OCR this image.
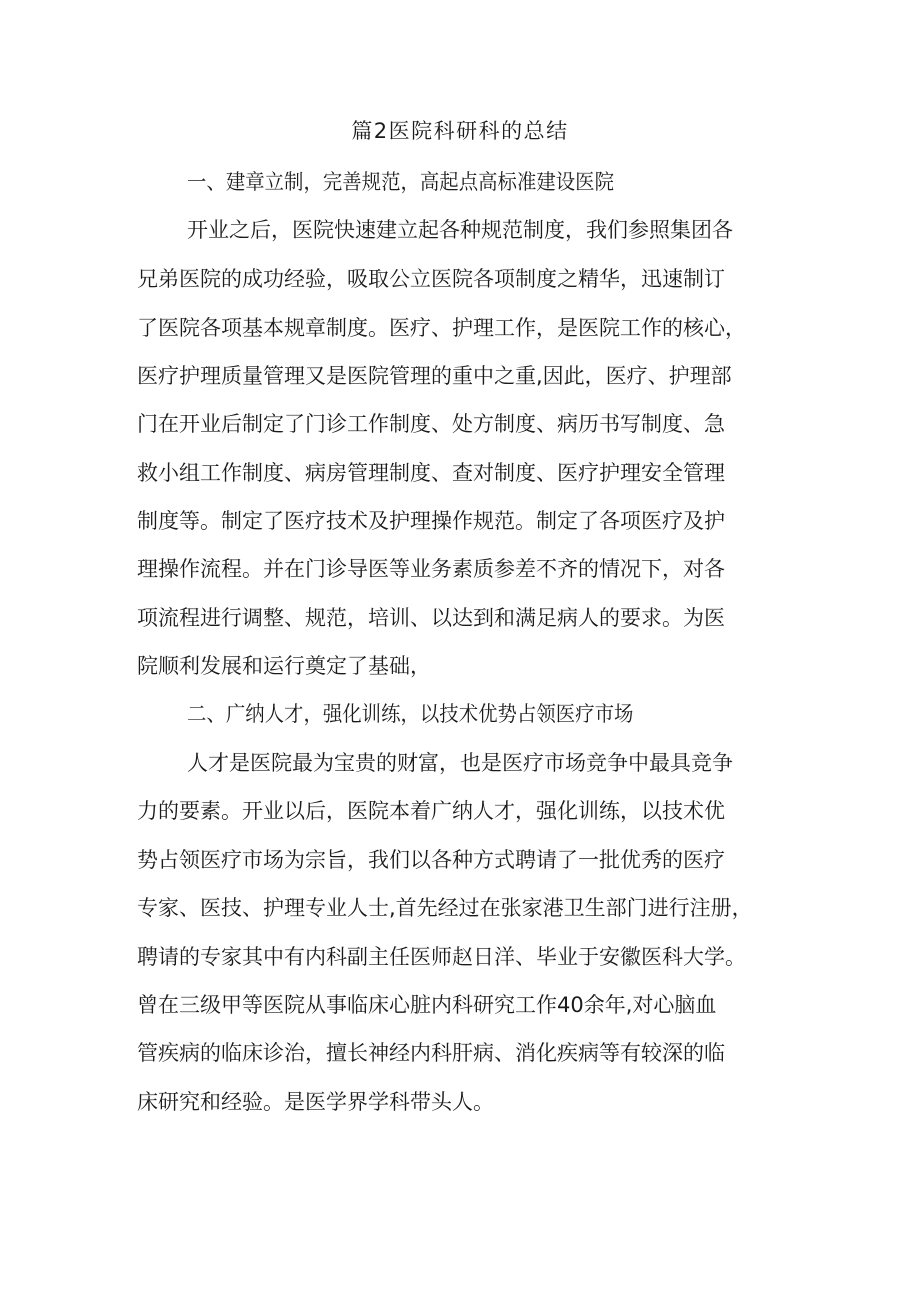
篇2医院科研科的总结
一、建章立制，完善规范，高起点高标准建设医院
开业之后，医院快速建立起各种规范制度，我们参照集团各
兄弟医院的成功经验，吸取公立医院各项制度之精华，迅速制订
了医院各项基本规章制度。医疗、护理工作，是医院工作的核心，
医疗护理质量管理又是医院管理的重中之重,因此，医疗、护理部
门在开业后制定了门诊工作制度、处方制度、病历书写制度、急
救小组工作制度、病房管理制度、查对制度、医疗护理安全管理
制度等。制定了医疗技术及护理操作规范。制定了各项医疗及护
理操作流程。并在门诊导医等业务素质参差不齐的情况下，对各
项流程进行调整、规范，培训、以达到和满足病人的要求。为医
院顺利发展和运行奠定了基础，
二、广纳人才，强化训练，以技术优势占领医疗市场
人才是医院最为宝贵的财富，也是医疗市场竞争中最具竞争
力的要素。开业以后，医院本着广纳人才，强化训练，以技术优
势占领医疗市场为宗旨，我们以各种方式聘请了一批优秀的医疗
专家、医技、护理专业人士,首先经过在张家港卫生部门进行注册，
聘请的专家其中有内科副主任医师赵日洋、毕业于安徽医科大学。
曾在三级甲等医院从事临床心脏内科研究工作40余年,对心脑血
管疾病的临床诊治，擅长神经内科肝病、消化疾病等有较深的临
床研究和经验。是医学界学科带头人。
